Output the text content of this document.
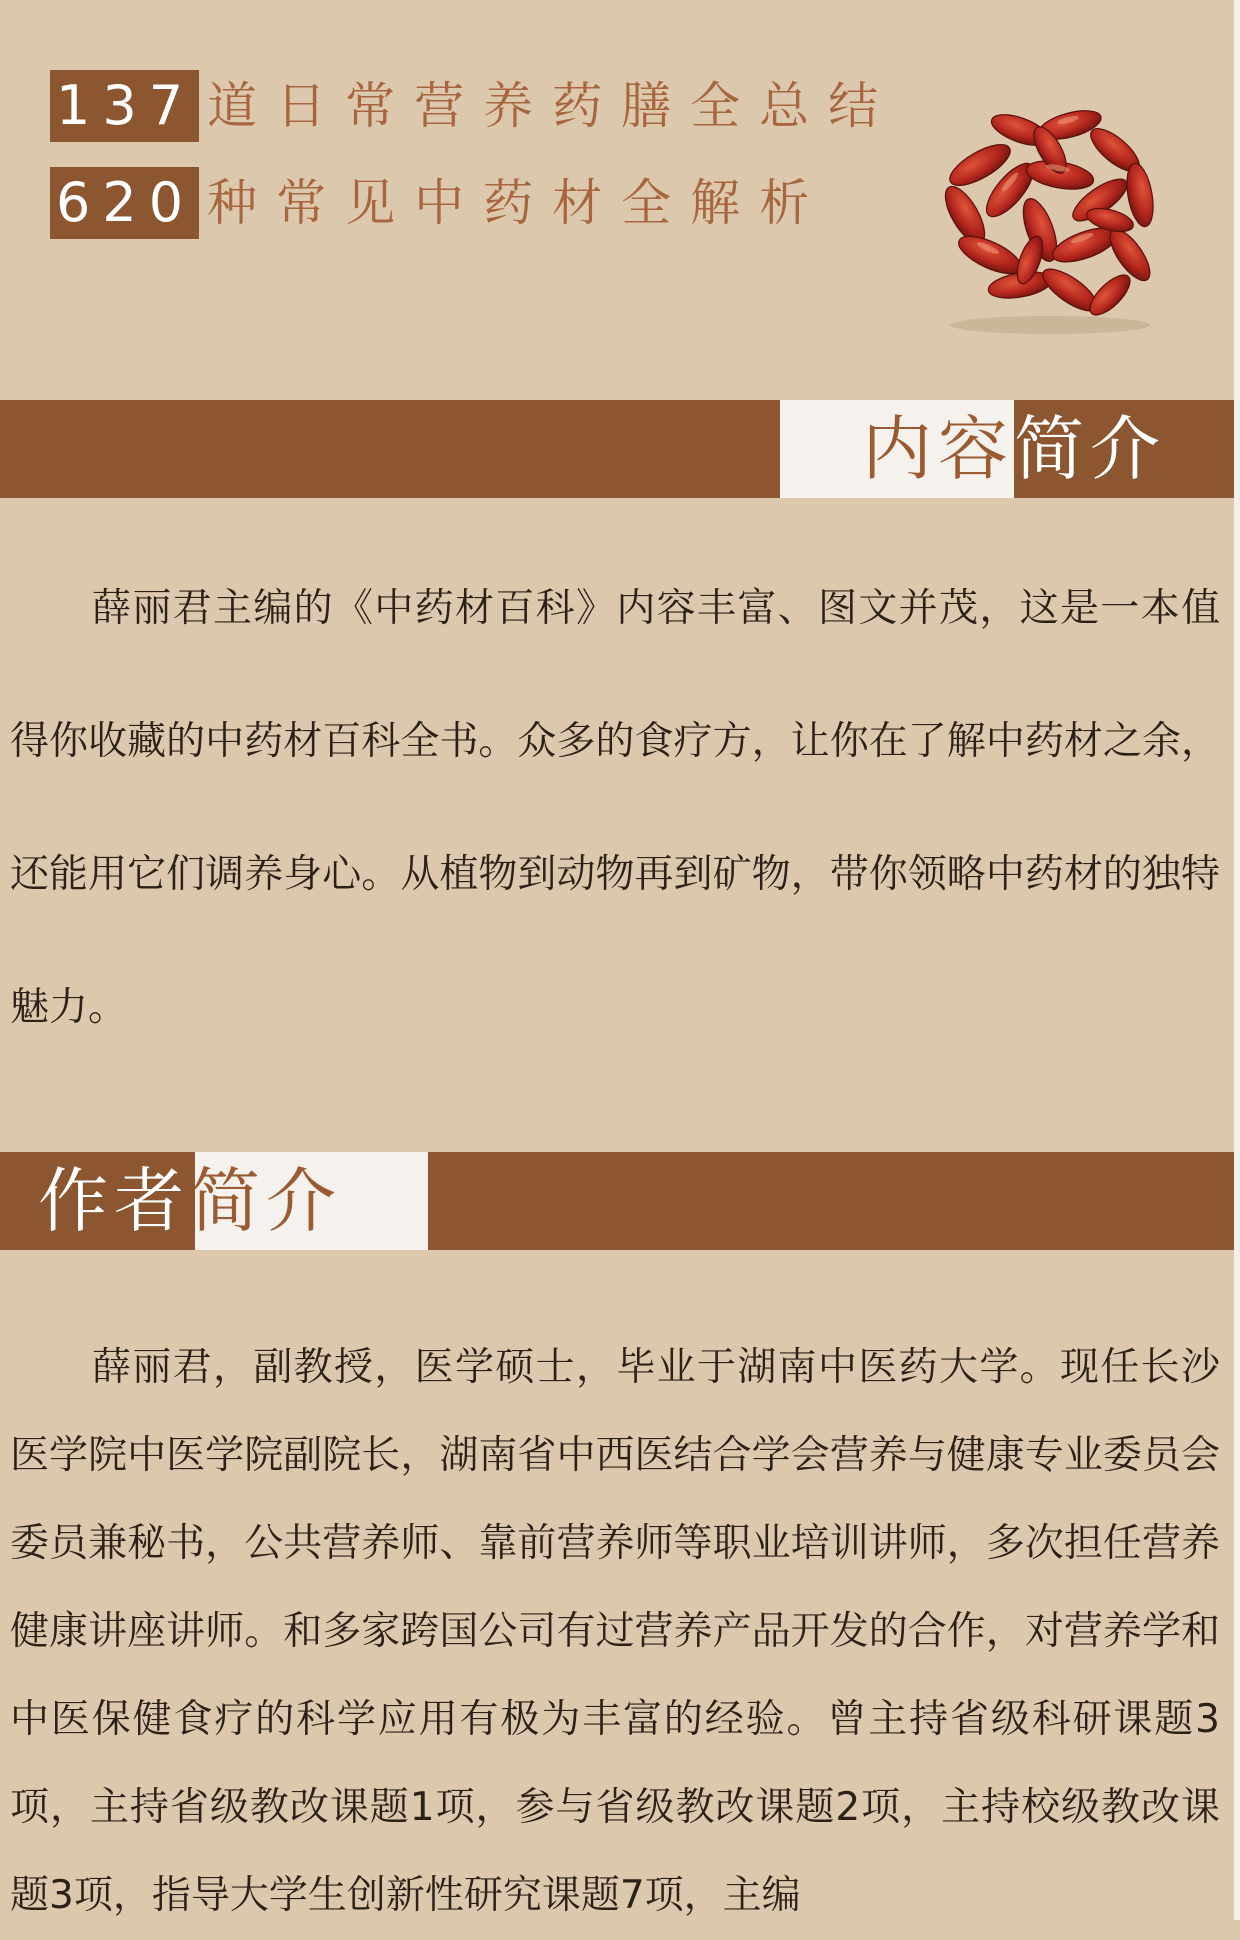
137 道日常营养药膳全总结
620 种常见中药材全解析
内容简介
薛丽君主编的《中药材百科》内容丰富、图文并茂，这是一本值得你收藏的中药材百科全书。众多的食疗方，让你在了解中药材之余，还能用它们调养身心。从植物到动物再到矿物，带你领略中药材的独特魅力。
作者简介
薛丽君，副教授，医学硕士，毕业于湖南中医药大学。现任长沙医学院中医学院副院长，湖南省中西医结合学会营养与健康专业委员会委员兼秘书，公共营养师、靠前营养师等职业培训讲师，多次担任营养健康讲座讲师。和多家跨国公司有过营养产品开发的合作，对营养学和中医保健食疗的科学应用有极为丰富的经验。曾主持省级科研课题3项，主持省级教改课题1项，参与省级教改课题2项，主持校级教改课题3项，指导大学生创新性研究课题7项，主编
